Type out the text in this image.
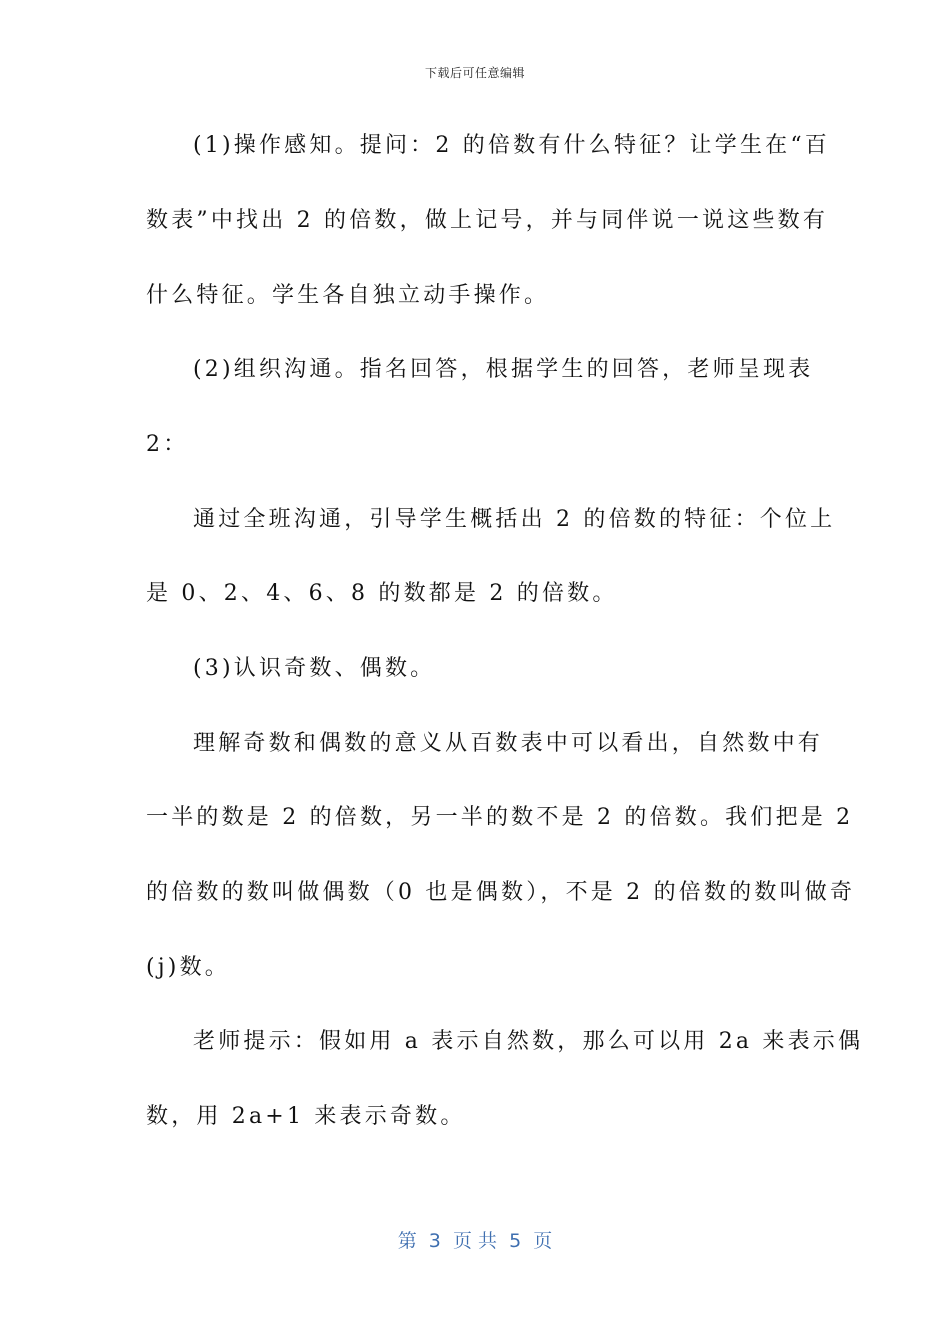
下载后可任意编辑
(1)操作感知。提问：2 的倍数有什么特征？让学生在“百
数表”中找出 2 的倍数，做上记号，并与同伴说一说这些数有
什么特征。学生各自独立动手操作。
(2)组织沟通。指名回答，根据学生的回答，老师呈现表
2：
通过全班沟通，引导学生概括出 2 的倍数的特征：个位上
是 0、2、4、6、8 的数都是 2 的倍数。
(3)认识奇数、偶数。
理解奇数和偶数的意义从百数表中可以看出，自然数中有
一半的数是 2 的倍数，另一半的数不是 2 的倍数。我们把是 2
的倍数的数叫做偶数（0 也是偶数），不是 2 的倍数的数叫做奇
(j)数。
老师提示：假如用 a 表示自然数，那么可以用 2a 来表示偶
数，用 2a+1 来表示奇数。
第  3  页 共  5  页
